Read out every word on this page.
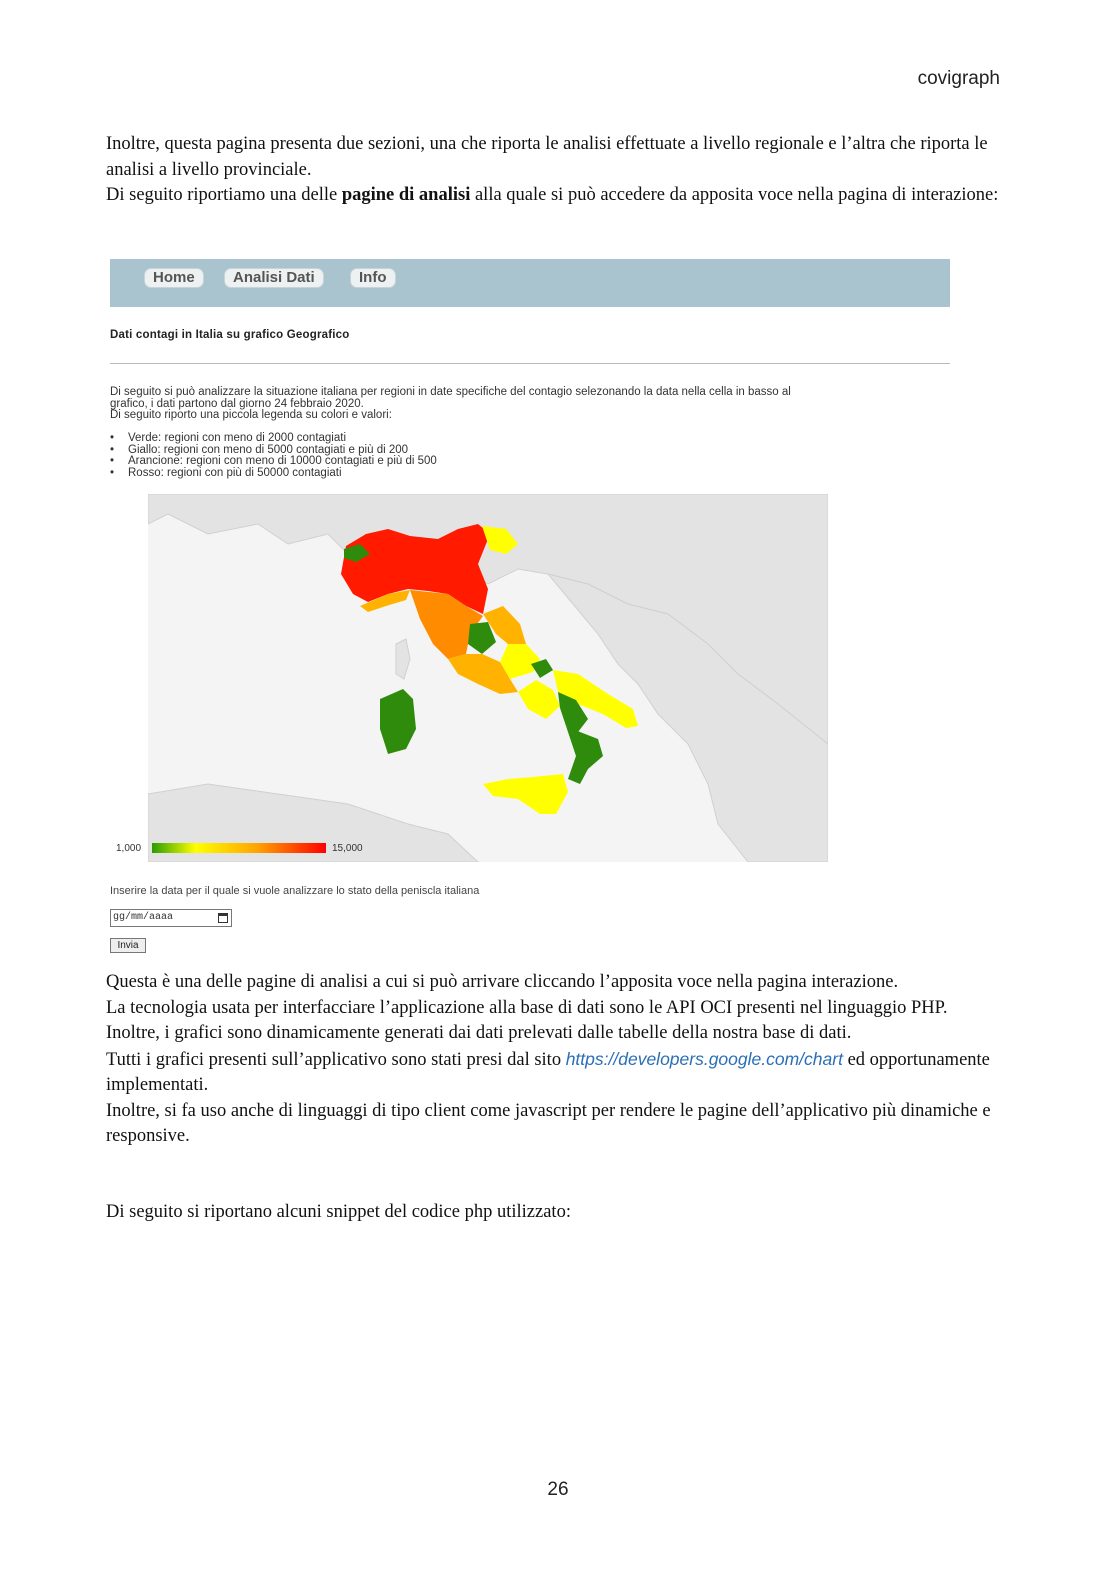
covigraph
Inoltre, questa pagina presenta due sezioni, una che riporta le analisi effettuate a livello regionale e l’altra che riporta le analisi a livello provinciale.
Di seguito riportiamo una delle pagine di analisi alla quale si può accedere da apposita voce nella pagina di interazione:
Home	Analisi Dati	Info
Dati contagi in Italia su grafico Geografico
Di seguito si può analizzare la situazione italiana per regioni in date specifiche del contagio selezonando la data nella cella in basso al
grafico, i dati partono dal giorno 24 febbraio 2020.
Di seguito riporto una piccola legenda su colori e valori:
• Verde: regioni con meno di 2000 contagiati
• Giallo: regioni con meno di 5000 contagiati e più di 200
• Arancione: regioni con meno di 10000 contagiati e più di 500
• Rosso: regioni con più di 50000 contagiati
1,000	15,000
Inserire la data per il quale si vuole analizzare lo stato della peniscla italiana
gg/mm/aaaa
Invia
Questa è una delle pagine di analisi a cui si può arrivare cliccando l’apposita voce nella pagina interazione.
La tecnologia usata per interfacciare l’applicazione alla base di dati sono le API OCI presenti nel linguaggio PHP.
Inoltre, i grafici sono dinamicamente generati dai dati prelevati dalle tabelle della nostra base di dati.
Tutti i grafici presenti sull’applicativo sono stati presi dal sito https://developers.google.com/chart ed opportunamente implementati.
Inoltre, si fa uso anche di linguaggi di tipo client come javascript per rendere le pagine dell’applicativo più dinamiche e responsive.
Di seguito si riportano alcuni snippet del codice php utilizzato:
26
